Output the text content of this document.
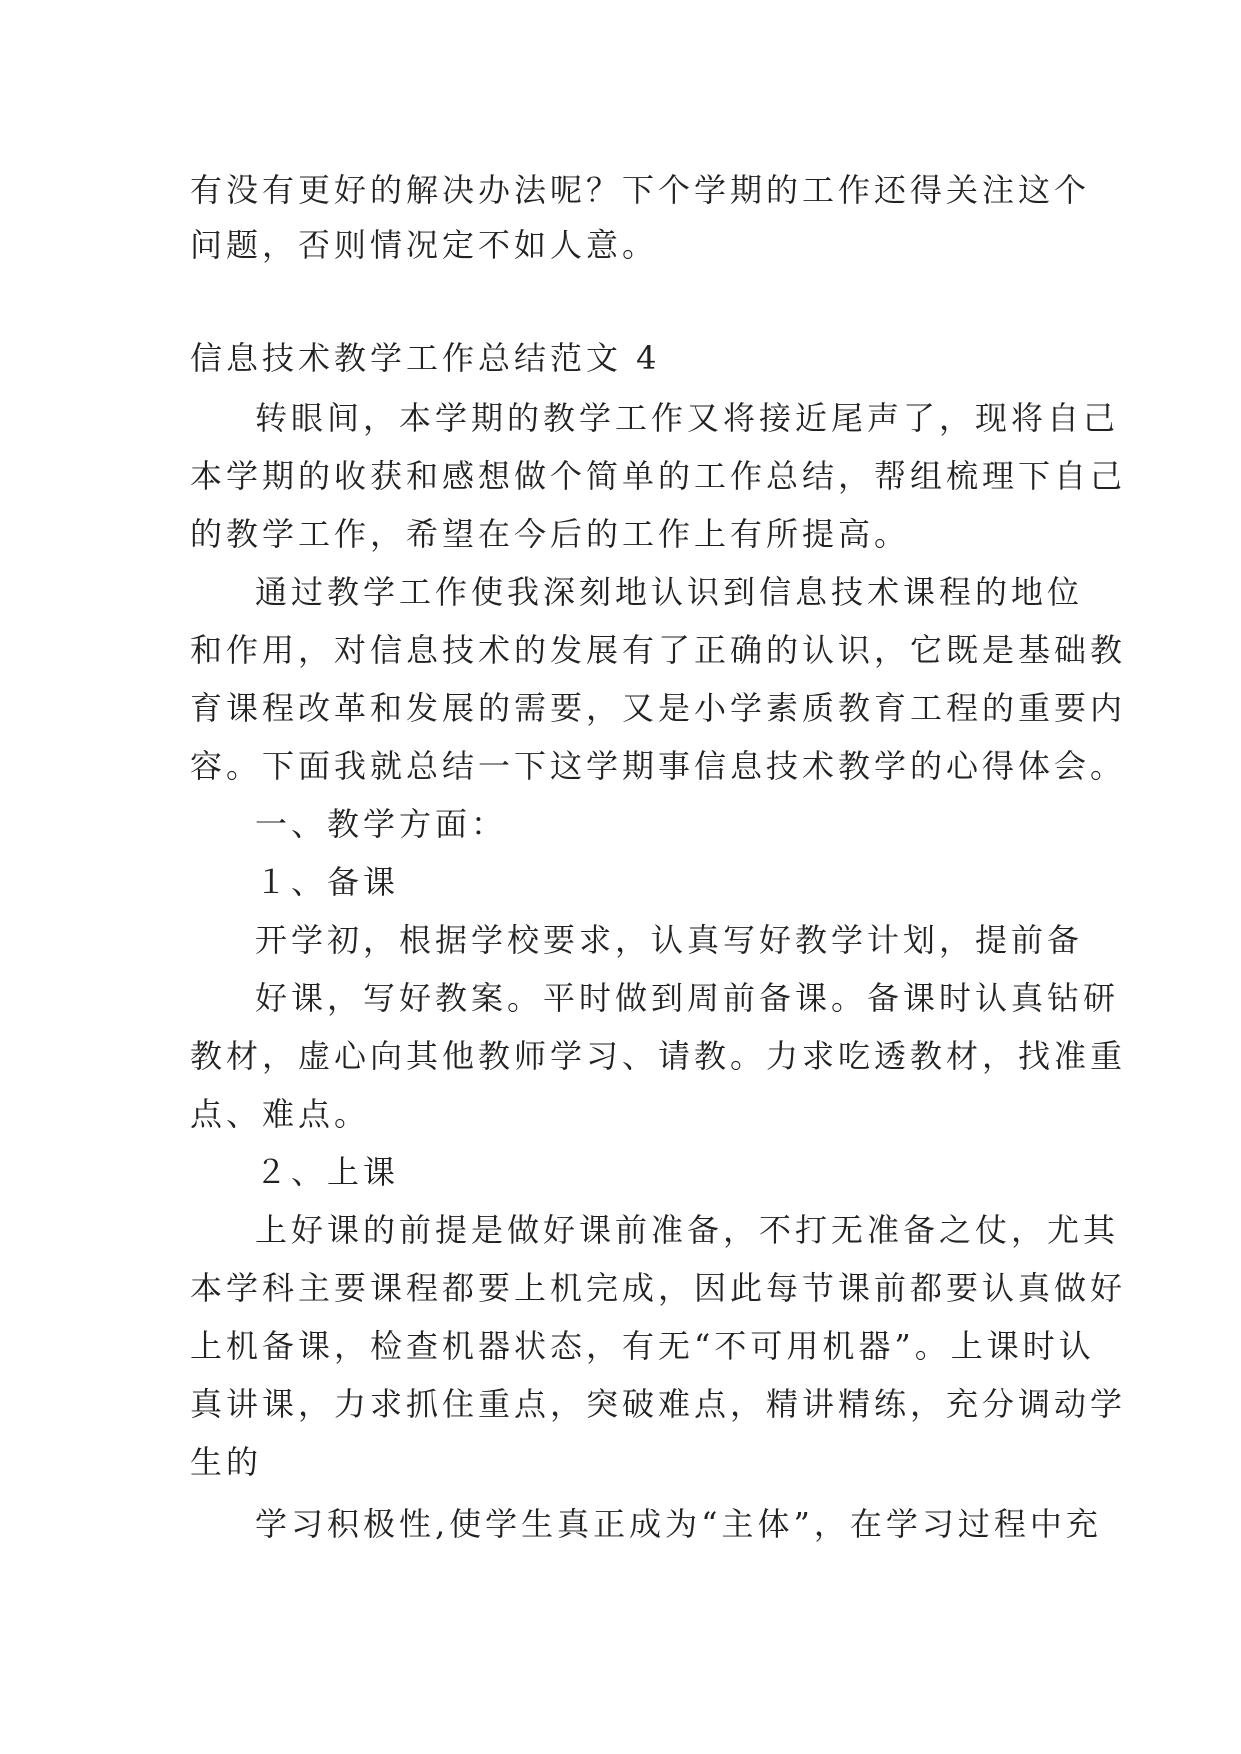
有没有更好的解决办法呢？下个学期的工作还得关注这个
问题，否则情况定不如人意。
信息技术教学工作总结范文 4
转眼间，本学期的教学工作又将接近尾声了，现将自己
本学期的收获和感想做个简单的工作总结，帮组梳理下自己
的教学工作，希望在今后的工作上有所提高。
通过教学工作使我深刻地认识到信息技术课程的地位
和作用，对信息技术的发展有了正确的认识，它既是基础教
育课程改革和发展的需要，又是小学素质教育工程的重要内
容。下面我就总结一下这学期事信息技术教学的心得体会。
一、教学方面：
１、备课
开学初，根据学校要求，认真写好教学计划，提前备
好课，写好教案。平时做到周前备课。备课时认真钻研
教材，虚心向其他教师学习、请教。力求吃透教材，找准重
点、难点。
２、上课
上好课的前提是做好课前准备，不打无准备之仗，尤其
本学科主要课程都要上机完成，因此每节课前都要认真做好
上机备课，检查机器状态，有无“不可用机器”。上课时认
真讲课，力求抓住重点，突破难点，精讲精练，充分调动学
生的
学习积极性,使学生真正成为“主体”，在学习过程中充
